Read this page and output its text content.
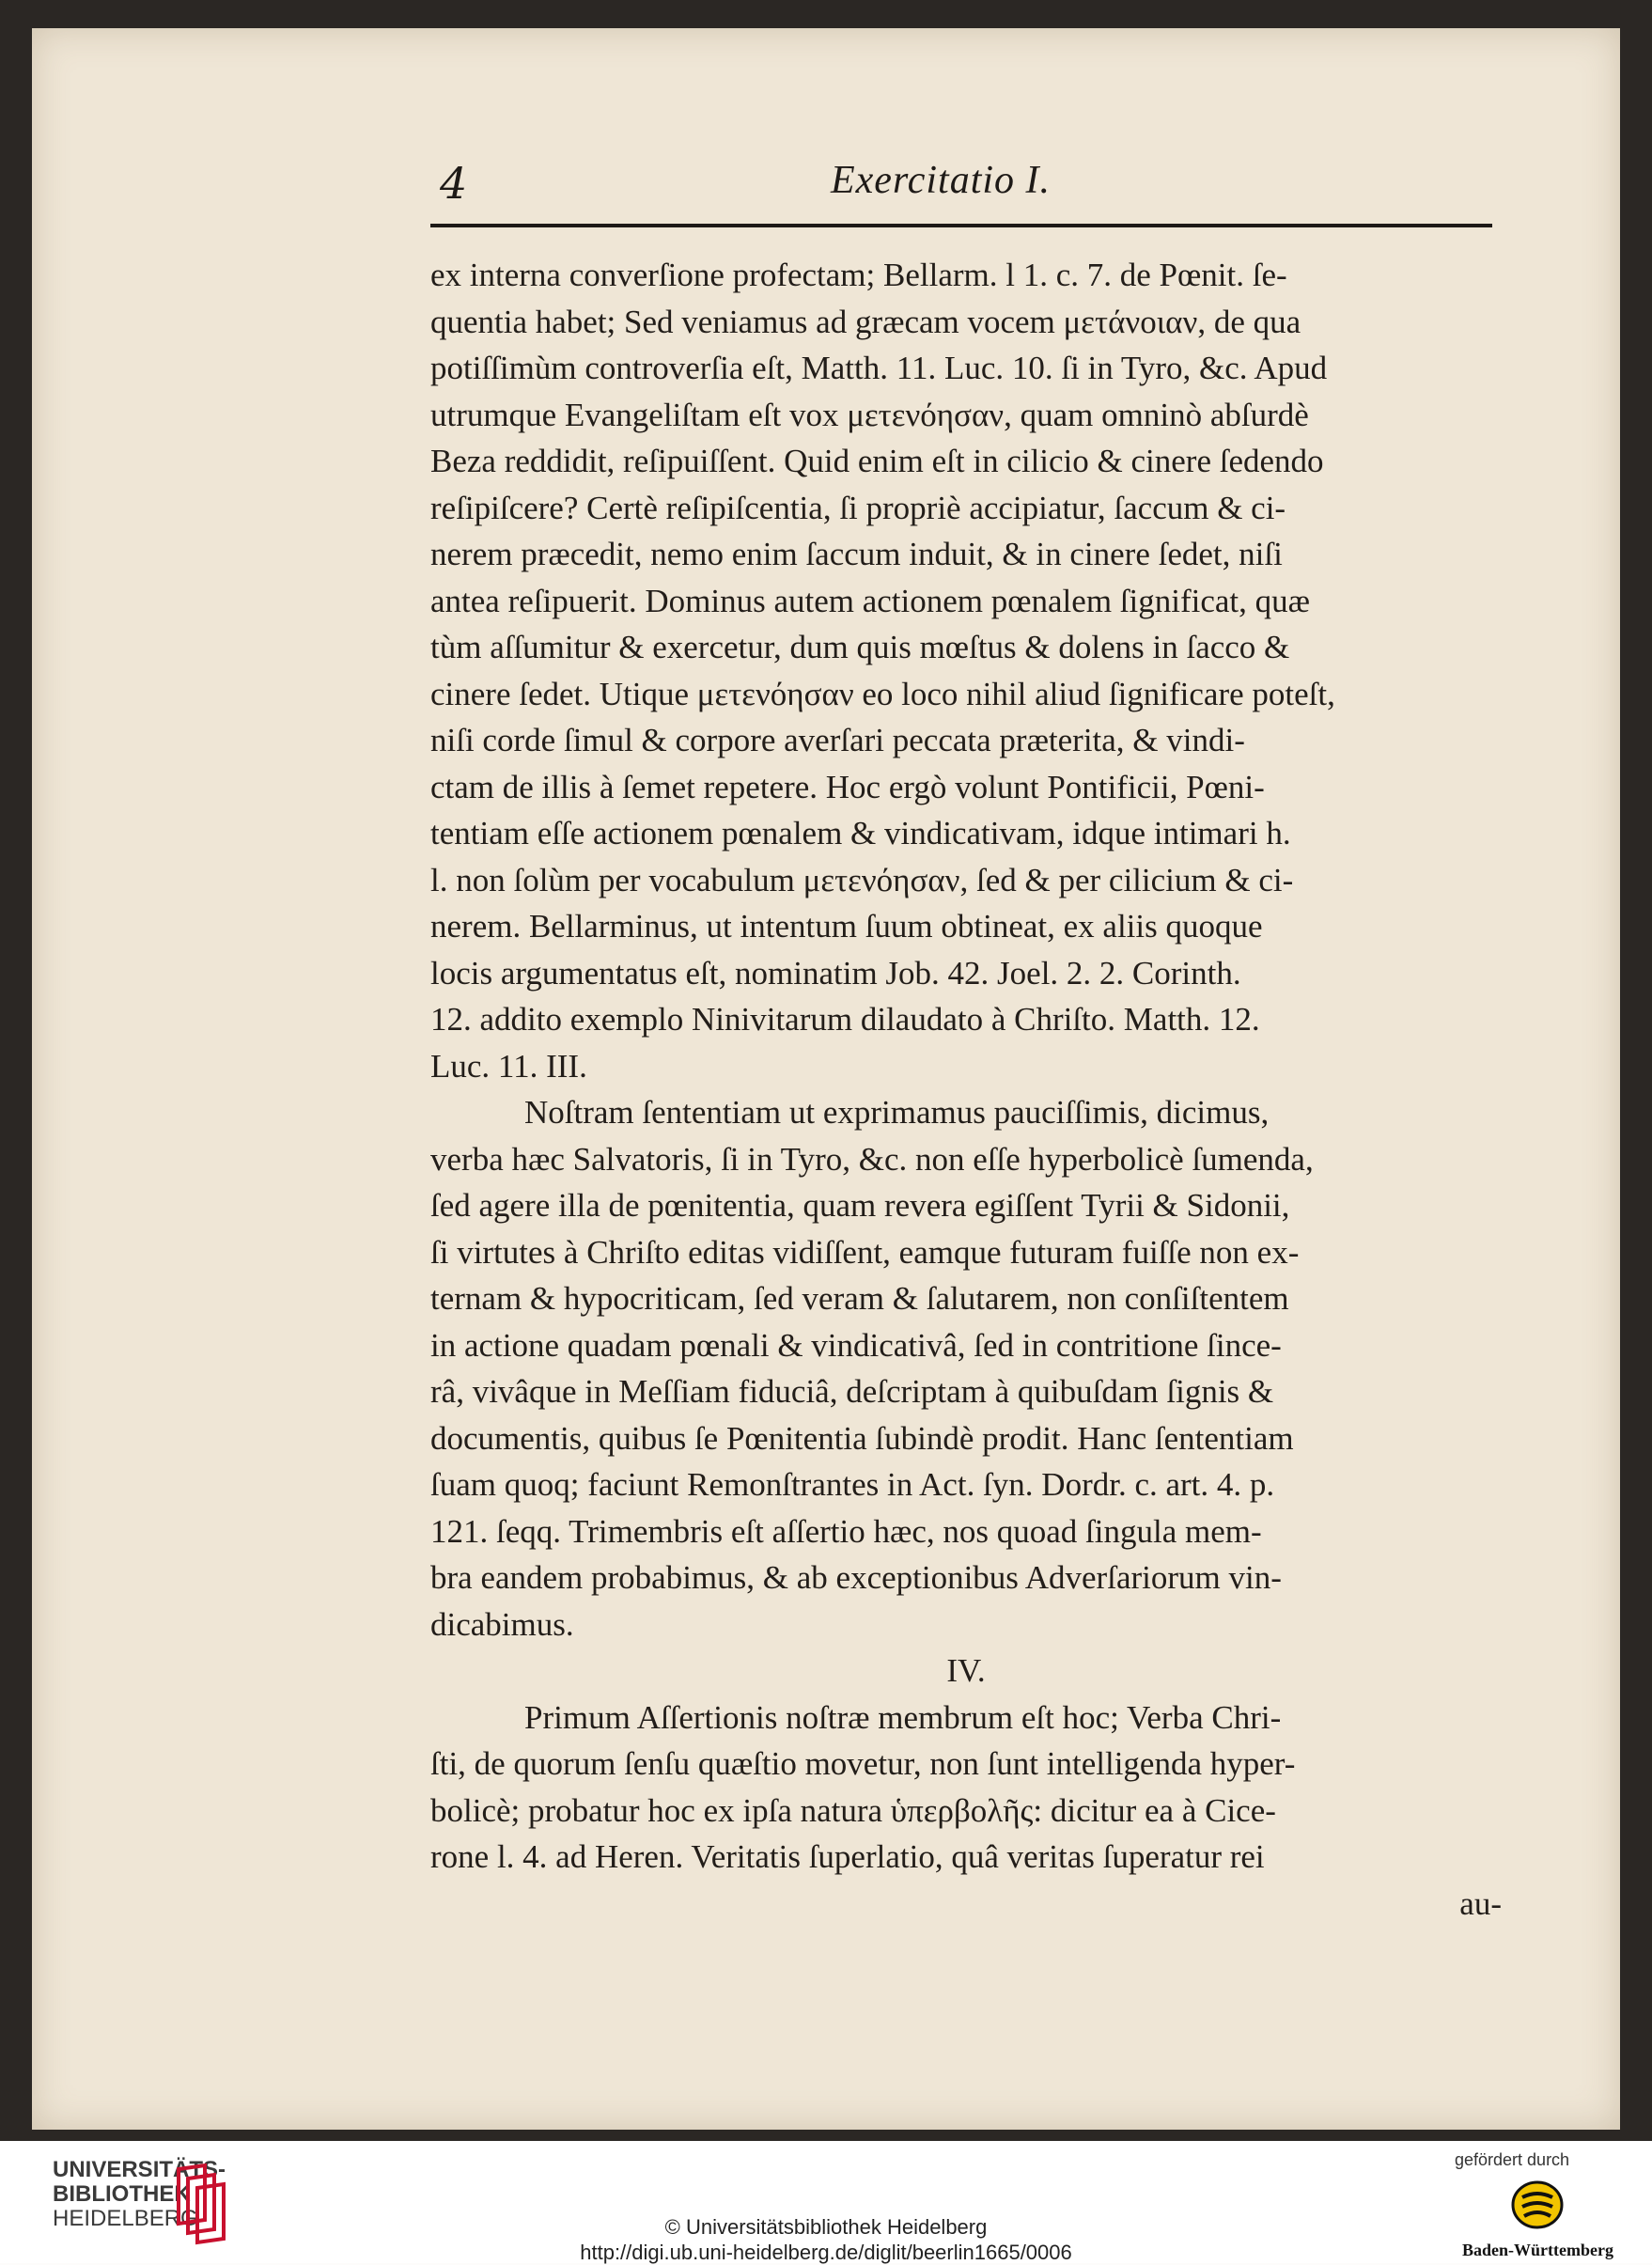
4	Exercitatio I.
ex interna converſione profectam; Bellarm. l 1. c. 7. de Pœnit. ſe-
quentia habet; Sed veniamus ad græcam vocem μετάνοιαν, de qua
potiſſimùm controverſia eſt, Matth. 11. Luc. 10. ſi in Tyro, &c. Apud
utrumque Evangeliſtam eſt vox μετενόησαν, quam omninò abſurdè
Beza reddidit, reſipuiſſent. Quid enim eſt in cilicio & cinere ſedendo
reſipiſcere? Certè reſipiſcentia, ſi propriè accipiatur, ſaccum & ci-
nerem præcedit, nemo enim ſaccum induit, & in cinere ſedet, niſi
antea reſipuerit. Dominus autem actionem pœnalem ſignificat, quæ
tùm aſſumitur & exercetur, dum quis mœſtus & dolens in ſacco &
cinere ſedet. Utique μετενόησαν eo loco nihil aliud ſignificare poteſt,
niſi corde ſimul & corpore averſari peccata præterita, & vindi-
ctam de illis à ſemet repetere. Hoc ergò volunt Pontificii, Pœni-
tentiam eſſe actionem pœnalem & vindicativam, idque intimari h.
l. non ſolùm per vocabulum μετενόησαν, ſed & per cilicium & ci-
nerem. Bellarminus, ut intentum ſuum obtineat, ex aliis quoque
locis argumentatus eſt, nominatim Job. 42. Joel. 2. 2. Corinth.
12. addito exemplo Ninivitarum dilaudato à Chriſto. Matth. 12.
Luc. 11. III.
Noſtram ſententiam ut exprimamus pauciſſimis, dicimus,
verba hæc Salvatoris, ſi in Tyro, &c. non eſſe hyperbolicè ſumenda,
ſed agere illa de pœnitentia, quam revera egiſſent Tyrii & Sidonii,
ſi virtutes à Chriſto editas vidiſſent, eamque futuram fuiſſe non ex-
ternam & hypocriticam, ſed veram & ſalutarem, non conſiſtentem
in actione quadam pœnali & vindicativâ, ſed in contritione ſince-
râ, vivâque in Meſſiam fiduciâ, deſcriptam à quibuſdam ſignis &
documentis, quibus ſe Pœnitentia ſubindè prodit. Hanc ſententiam
ſuam quoq; faciunt Remonſtrantes in Act. ſyn. Dordr. c. art. 4. p.
121. ſeqq. Trimembris eſt aſſertio hæc, nos quoad ſingula mem-
bra eandem probabimus, & ab exceptionibus Adverſariorum vin-
dicabimus.
IV.
Primum Aſſertionis noſtræ membrum eſt hoc; Verba Chri-
ſti, de quorum ſenſu quæſtio movetur, non ſunt intelligenda hyper-
bolicè; probatur hoc ex ipſa natura ὑπερβολῆς: dicitur ea à Cice-
rone l. 4. ad Heren. Veritatis ſuperlatio, quâ veritas ſuperatur rei
au-
UNIVERSITÄTS-
BIBLIOTHEK
HEIDELBERG	© Universitätsbibliothek Heidelberg
http://digi.ub.uni-heidelberg.de/diglit/beerlin1665/0006
gefördert durch
Baden-Württemberg
